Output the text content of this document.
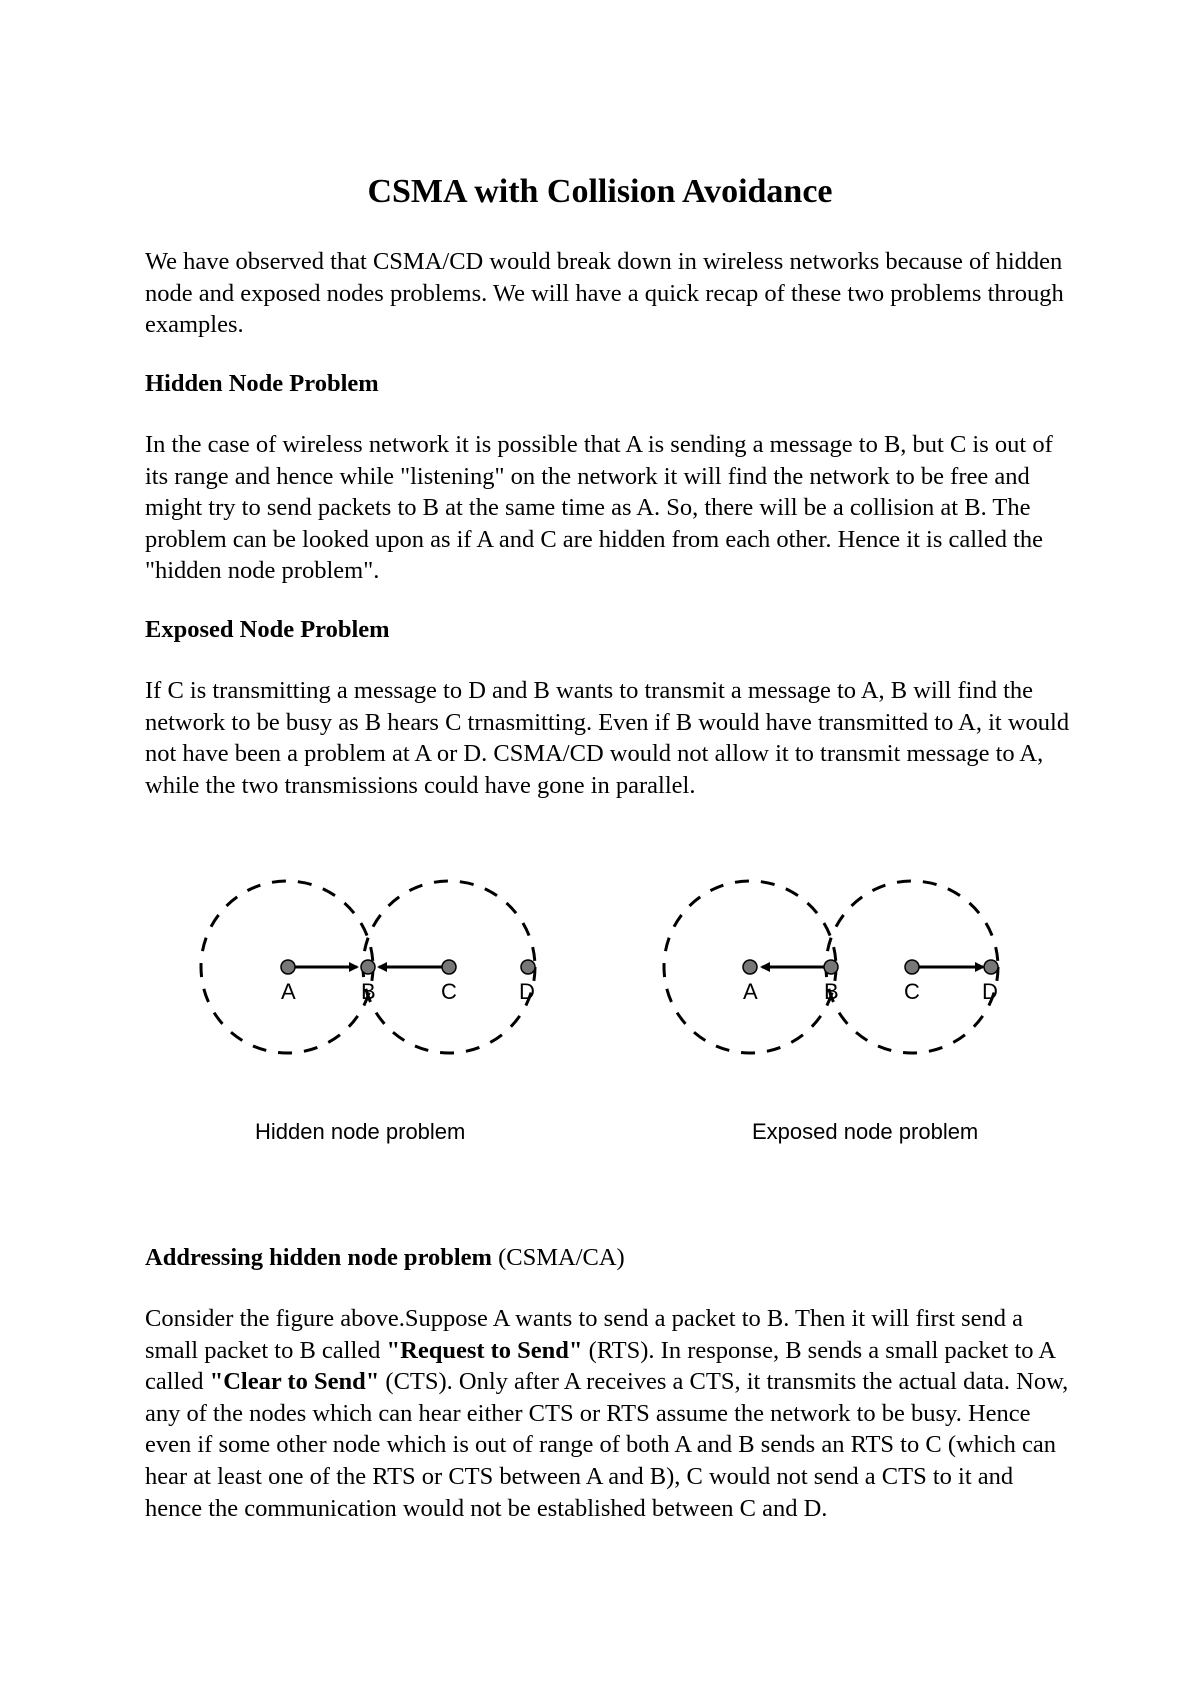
CSMA with Collision Avoidance

We have observed that CSMA/CD would break down in wireless networks because of hidden node and exposed nodes problems. We will have a quick recap of these two problems through examples.

Hidden Node Problem

In the case of wireless network it is possible that A is sending a message to B, but C is out of its range and hence while "listening" on the network it will find the network to be free and might try to send packets to B at the same time as A. So, there will be a collision at B. The problem can be looked upon as if A and C are hidden from each other. Hence it is called the "hidden node problem".

Exposed Node Problem

If C is transmitting a message to D and B wants to transmit a message to A, B will find the network to be busy as B hears C trnasmitting. Even if B would have transmitted to A, it would not have been a problem at A or D. CSMA/CD would not allow it to transmit message to A, while the two transmissions could have gone in parallel.

A	B	C	D
Hidden node problem
A	B	C	D
Exposed node problem

Addressing hidden node problem (CSMA/CA)

Consider the figure above.Suppose A wants to send a packet to B. Then it will first send a small packet to B called "Request to Send" (RTS). In response, B sends a small packet to A called "Clear to Send" (CTS). Only after A receives a CTS, it transmits the actual data. Now, any of the nodes which can hear either CTS or RTS assume the network to be busy. Hence even if some other node which is out of range of both A and B sends an RTS to C (which can hear at least one of the RTS or CTS between A and B), C would not send a CTS to it and hence the communication would not be established between C and D.
